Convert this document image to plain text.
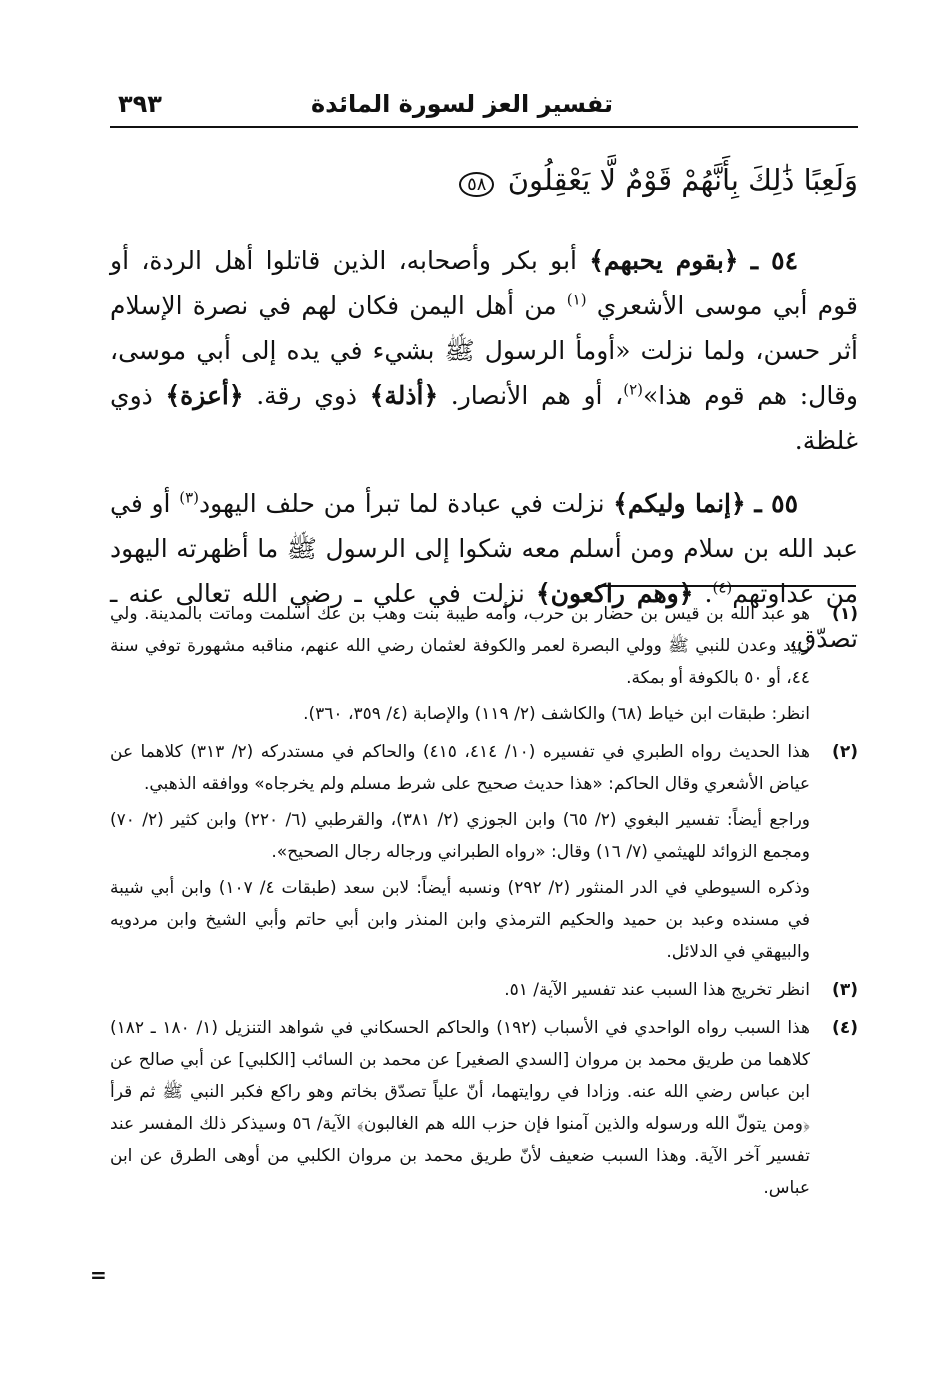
٣٩٣	تفسير العز لسورة المائدة
وَلَعِبًا ذَٰلِكَ بِأَنَّهُمْ قَوْمٌ لَّا يَعْقِلُونَ ٥٨

٥٤ ـ ﴿بقوم يحبهم﴾ أبو بكر وأصحابه، الذين قاتلوا أهل الردة، أو قوم أبي موسى الأشعري $^{(١)}$ من أهل اليمن فكان لهم في نصرة الإسلام أثر حسن، ولما نزلت «أومأ الرسول ﷺ بشيء في يده إلى أبي موسى، وقال: هم قوم هذا»$^{(٢)}$، أو هم الأنصار. ﴿أذلة﴾ ذوي رقة. ﴿أعزة﴾ ذوي غلظة.

٥٥ ـ ﴿إنما وليكم﴾ نزلت في عبادة لما تبرأ من حلف اليهود$^{(٣)}$ أو في عبد الله بن سلام ومن أسلم معه شكوا إلى الرسول ﷺ ما أظهرته اليهود من عداوتهم$^{(٤)}$. ﴿وهم راكعون﴾ نزلت في علي ـ رضي الله تعالى عنه ـ تصدّق،

(١)

هو عبد الله بن قيس بن حضار بن حرب، وأمه طيبة بنت وهب بن عك أسلمت وماتت بالمدينة. ولي زبيد وعدن للنبي ﷺ وولي البصرة لعمر والكوفة لعثمان رضي الله عنهم، مناقبه مشهورة توفي سنة ٤٤، أو ٥٠ بالكوفة أو بمكة.

انظر: طبقات ابن خياط (٦٨) والكاشف (٢/ ١١٩) والإصابة (٤/ ٣٥٩، ٣٦٠).

(٢)

هذا الحديث رواه الطبري في تفسيره (١٠/ ٤١٤، ٤١٥) والحاكم في مستدركه (٢/ ٣١٣) كلاهما عن عياض الأشعري وقال الحاكم: «هذا حديث صحيح على شرط مسلم ولم يخرجاه» ووافقه الذهبي.

وراجع أيضاً: تفسير البغوي (٢/ ٦٥) وابن الجوزي (٢/ ٣٨١)، والقرطبي (٦/ ٢٢٠) وابن كثير (٢/ ٧٠) ومجمع الزوائد للهيثمي (٧/ ١٦) وقال: «رواه الطبراني ورجاله رجال الصحيح».

وذكره السيوطي في الدر المنثور (٢/ ٢٩٢) ونسبه أيضاً: لابن سعد (طبقات ٤/ ١٠٧) وابن أبي شيبة في مسنده وعبد بن حميد والحكيم الترمذي وابن المنذر وابن أبي حاتم وأبي الشيخ وابن مردويه والبيهقي في الدلائل.

(٣)

انظر تخريج هذا السبب عند تفسير الآية/ ٥١.

(٤)

هذا السبب رواه الواحدي في الأسباب (١٩٢) والحاكم الحسكاني في شواهد التنزيل (١/ ١٨٠ ـ ١٨٢) كلاهما من طريق محمد بن مروان [السدي الصغير] عن محمد بن السائب [الكلبي] عن أبي صالح عن ابن عباس رضي الله عنه. وزادا في روايتهما، أنّ علياً تصدّق بخاتم وهو راكع فكبر النبي ﷺ ثم قرأ ﴿ومن يتولّ الله ورسوله والذين آمنوا فإن حزب الله هم الغالبون﴾ الآية/ ٥٦ وسيذكر ذلك المفسر عند تفسير آخر الآية. وهذا السبب ضعيف لأنّ طريق محمد بن مروان الكلبي من أوهى الطرق عن ابن عباس.

=
